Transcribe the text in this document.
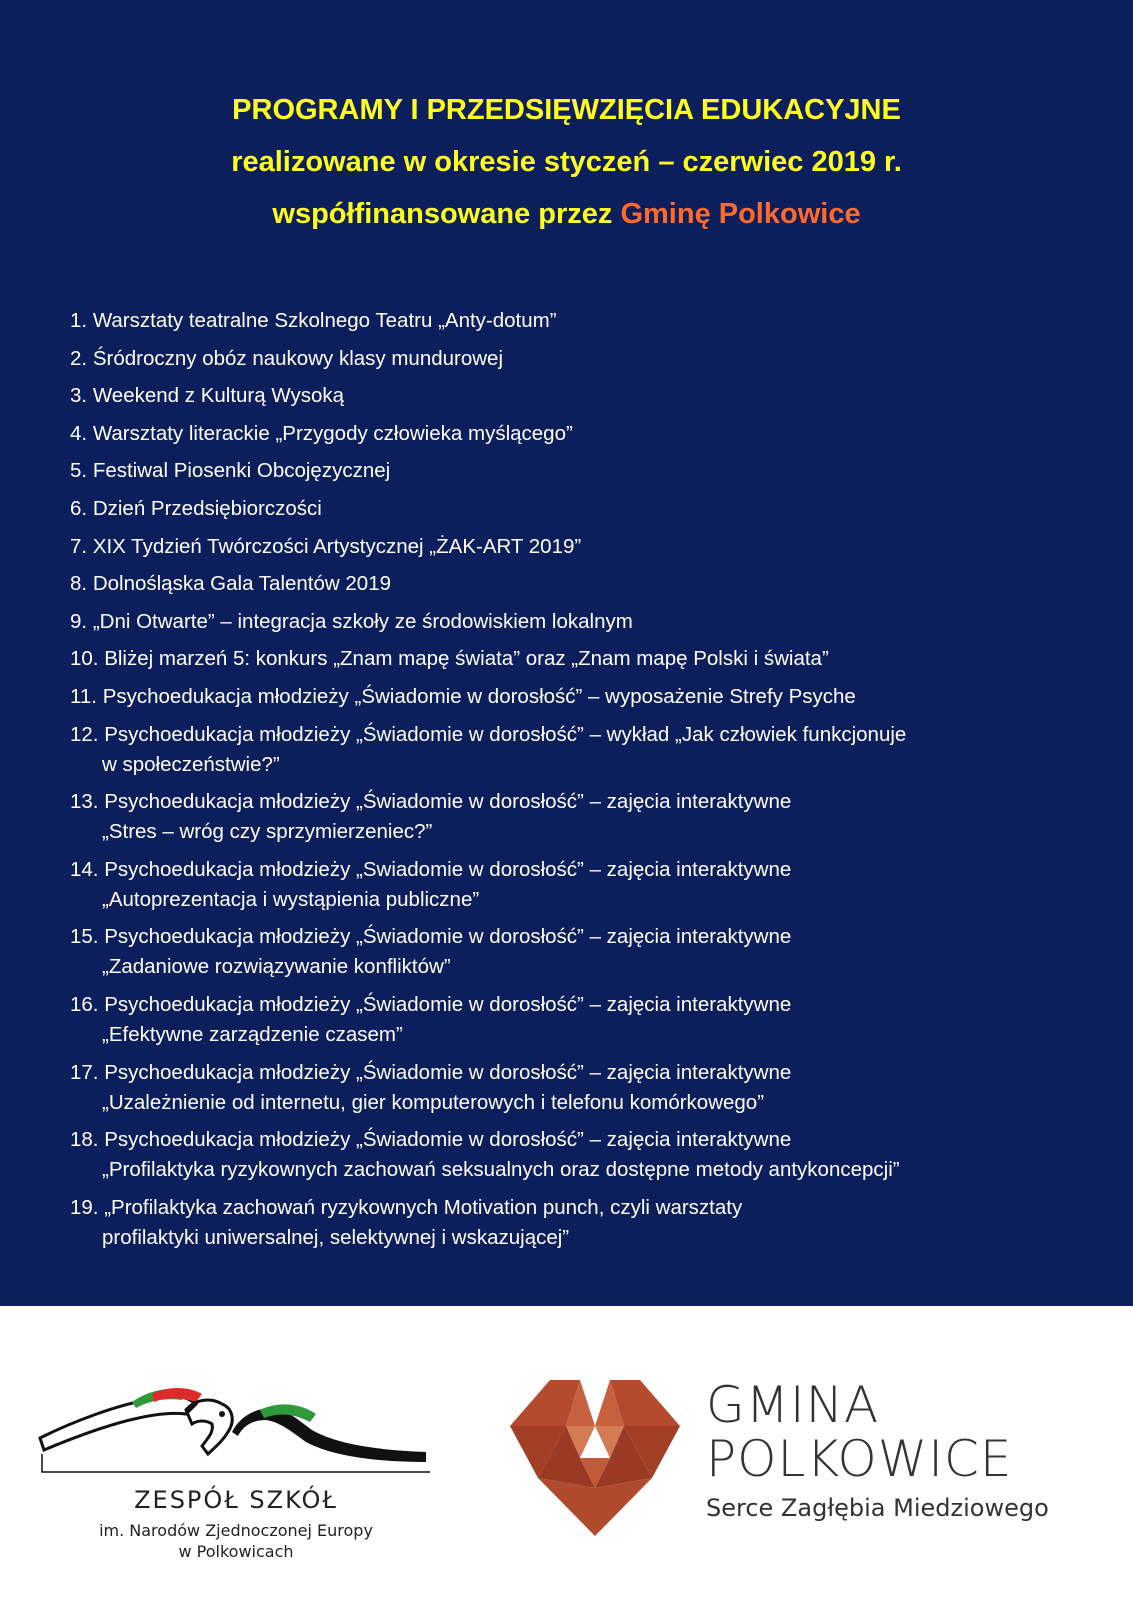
PROGRAMY I PRZEDSIĘWZIĘCIA EDUKACYJNE
realizowane w okresie styczeń – czerwiec 2019 r.
współfinansowane przez Gminę Polkowice
1. Warsztaty teatralne Szkolnego Teatru „Anty-dotum”
2. Śródroczny obóz naukowy klasy mundurowej
3. Weekend z Kulturą Wysoką
4. Warsztaty literackie „Przygody człowieka myślącego”
5. Festiwal Piosenki Obcojęzycznej
6. Dzień Przedsiębiorczości
7. XIX Tydzień Twórczości Artystycznej „ŻAK-ART 2019”
8. Dolnośląska Gala Talentów 2019
9. „Dni Otwarte” – integracja szkoły ze środowiskiem lokalnym
10. Bliżej marzeń 5: konkurs „Znam mapę świata” oraz „Znam mapę Polski i świata”
11. Psychoedukacja młodzieży „Świadomie w dorosłość” – wyposażenie Strefy Psyche
12. Psychoedukacja młodzieży „Świadomie w dorosłość” – wykład „Jak człowiek funkcjonuje
w społeczeństwie?”
13. Psychoedukacja młodzieży „Świadomie w dorosłość” – zajęcia interaktywne
„Stres – wróg czy sprzymierzeniec?”
14. Psychoedukacja młodzieży „Swiadomie w dorosłość” – zajęcia interaktywne
„Autoprezentacja i wystąpienia publiczne”
15. Psychoedukacja młodzieży „Świadomie w dorosłość” – zajęcia interaktywne
„Zadaniowe rozwiązywanie konfliktów”
16. Psychoedukacja młodzieży „Świadomie w dorosłość” – zajęcia interaktywne
„Efektywne zarządzenie czasem”
17. Psychoedukacja młodzieży „Świadomie w dorosłość” – zajęcia interaktywne
„Uzależnienie od internetu, gier komputerowych i telefonu komórkowego”
18. Psychoedukacja młodzieży „Świadomie w dorosłość” – zajęcia interaktywne
„Profilaktyka ryzykownych zachowań seksualnych oraz dostępne metody antykoncepcji”
19. „Profilaktyka zachowań ryzykownych Motivation punch, czyli warsztaty
profilaktyki uniwersalnej, selektywnej i wskazującej”
ZESPÓŁ SZKÓŁ
im. Narodów Zjednoczonej Europy
w Polkowicach
GMINA
POLKOWICE
Serce Zagłębia Miedziowego
